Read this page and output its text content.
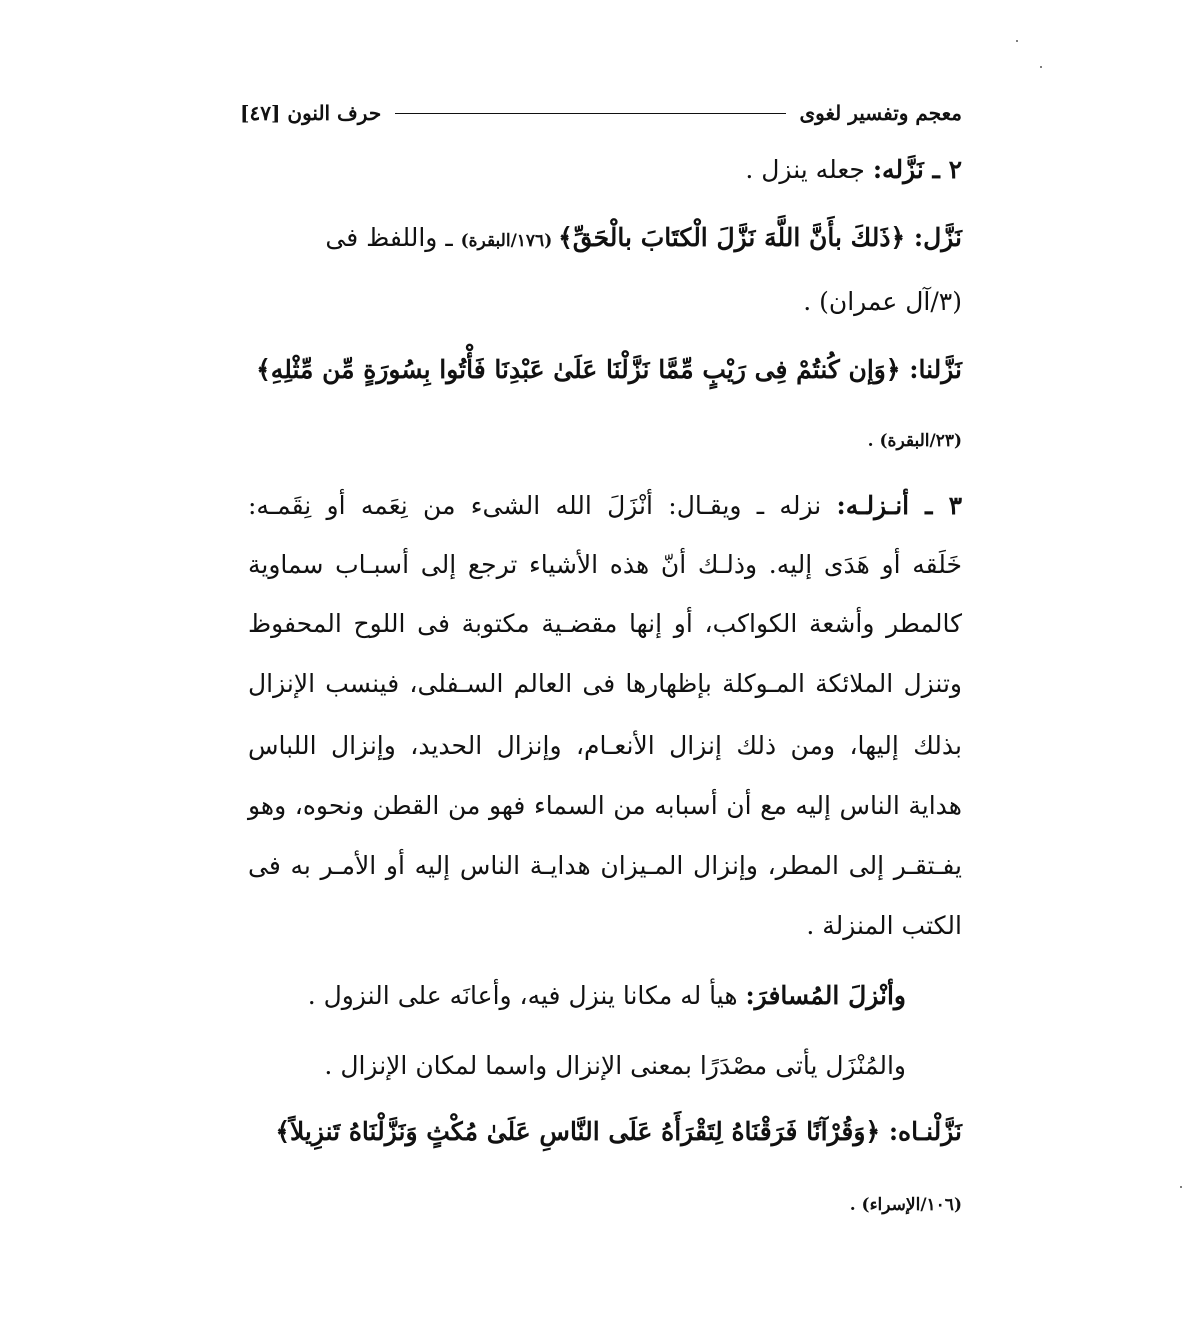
معجم وتفسير لغوى
حرف النون [٤٧]
٢ ـ نَزَّله: جعله ينزل .
نَزَّل: ﴿ذَلكَ بأَنَّ اللَّهَ نَزَّلَ الْكتَابَ بالْحَقِّ﴾ (١٧٦/البقرة) ـ واللفظ فى
(٣/آل عمران) .
نَزَّلنا: ﴿وَإن كُنتُمْ فِى رَيْبٍ مِّمَّا نَزَّلْنَا عَلَىٰ عَبْدِنَا فَأْتُوا بِسُورَةٍ مِّن مِّثْلِهِ﴾
(٢٣/البقرة) .
٣ ـ أنـزلـه: نزله ـ ويقـال: أنْزَلَ الله الشىء من نِعَمه أو نِقَمـه:
خَلَقه أو هَدَى إليه. وذلـك أنّ هذه الأشياء ترجع إلى أسبـاب سماوية
كالمطر وأشعة الكواكب، أو إنها مقضـية مكتوبة فى اللوح المحفوظ
وتنزل الملائكة المـوكلة بإظهارها فى العالم السـفلى، فينسب الإنزال
بذلك إليها، ومن ذلك إنزال الأنعـام، وإنزال الحديد، وإنزال اللباس
هداية الناس إليه مع أن أسبابه من السماء فهو من القطن ونحوه، وهو
يفـتقـر إلى المطر، وإنزال المـيزان هدايـة الناس إليه أو الأمـر به فى
الكتب المنزلة .
وأنْزلَ المُسافرَ: هيأ له مكانا ينزل فيه، وأعانَه على النزول .
والمُنْزَل يأتى مصْدَرًا بمعنى الإنزال واسما لمكان الإنزال .
نَزَّلْنـاه: ﴿وَقُرْآنًا فَرَقْنَاهُ لِتَقْرَأَهُ عَلَى النَّاسِ عَلَىٰ مُكْثٍ وَنَزَّلْنَاهُ تَنزِيلاً﴾
(١٠٦/الإسراء) .
